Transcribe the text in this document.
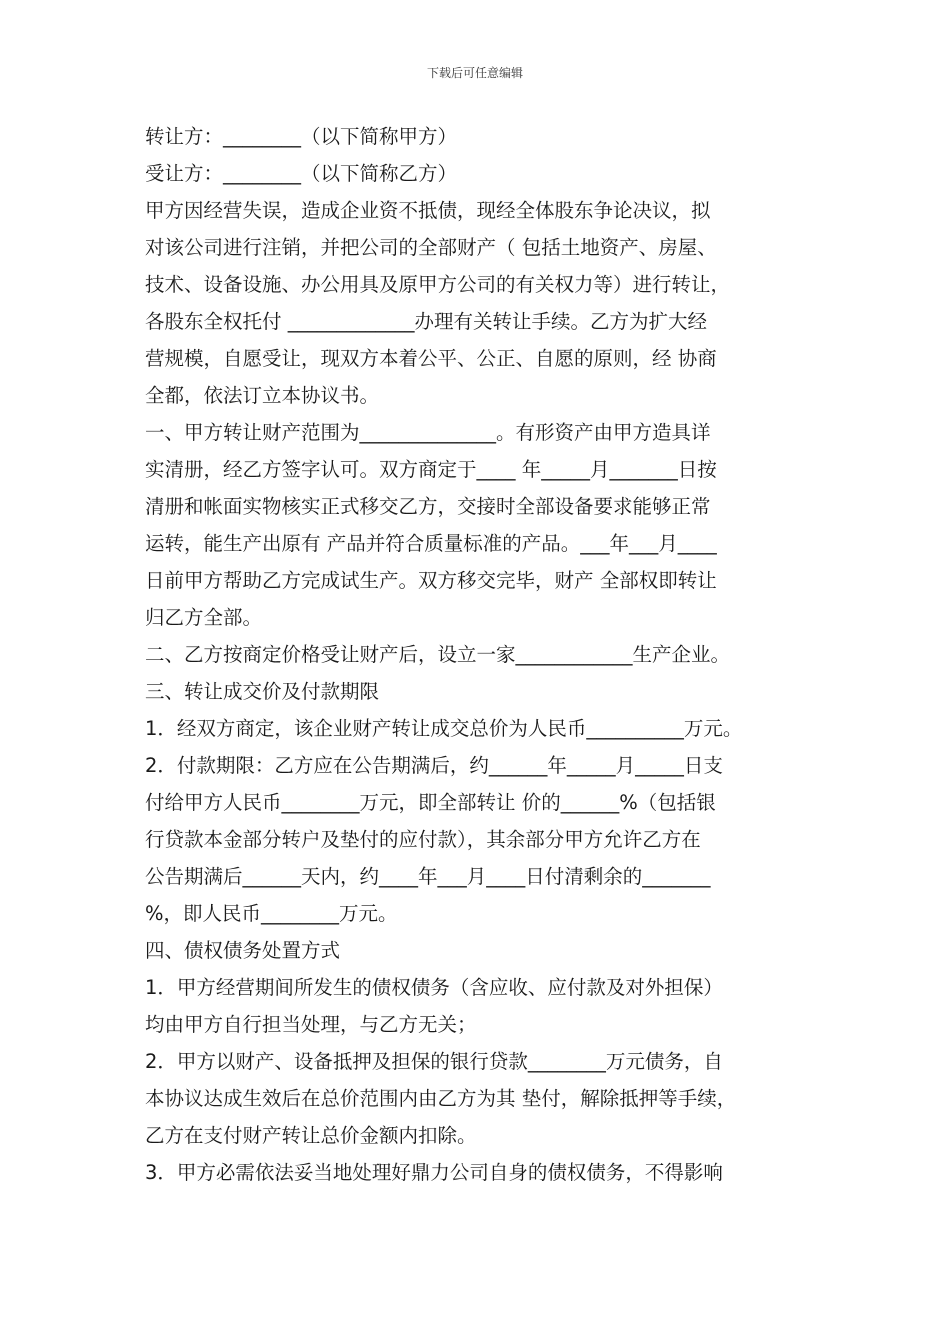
下载后可任意编辑
转让方：________（以下简称甲方）
受让方：________（以下简称乙方）
甲方因经营失误，造成企业资不抵债，现经全体股东争论决议，拟
对该公司进行注销，并把公司的全部财产（ 包括土地资产、房屋、
技术、设备设施、办公用具及原甲方公司的有关权力等）进行转让，
各股东全权托付 _____________办理有关转让手续。乙方为扩大经
营规模，自愿受让，现双方本着公平、公正、自愿的原则，经 协商
全都，依法订立本协议书。
一、甲方转让财产范围为______________。有形资产由甲方造具详
实清册，经乙方签字认可。双方商定于____ 年_____月_______日按
清册和帐面实物核实正式移交乙方，交接时全部设备要求能够正常
运转，能生产出原有 产品并符合质量标准的产品。___年___月____
日前甲方帮助乙方完成试生产。双方移交完毕，财产 全部权即转让
归乙方全部。
二、乙方按商定价格受让财产后，设立一家____________生产企业。
三、转让成交价及付款期限
1．经双方商定，该企业财产转让成交总价为人民币__________万元。
2．付款期限：乙方应在公告期满后，约______年_____月_____日支
付给甲方人民币________万元，即全部转让 价的______%（包括银
行贷款本金部分转户及垫付的应付款），其余部分甲方允许乙方在
公告期满后______天内，约____年___月____日付清剩余的_______
%，即人民币________万元。
四、债权债务处置方式
1．甲方经营期间所发生的债权债务（含应收、应付款及对外担保）
均由甲方自行担当处理，与乙方无关；
2．甲方以财产、设备抵押及担保的银行贷款________万元债务，自
本协议达成生效后在总价范围内由乙方为其 垫付，解除抵押等手续，
乙方在支付财产转让总价金额内扣除。
3．甲方必需依法妥当地处理好鼎力公司自身的债权债务，不得影响
